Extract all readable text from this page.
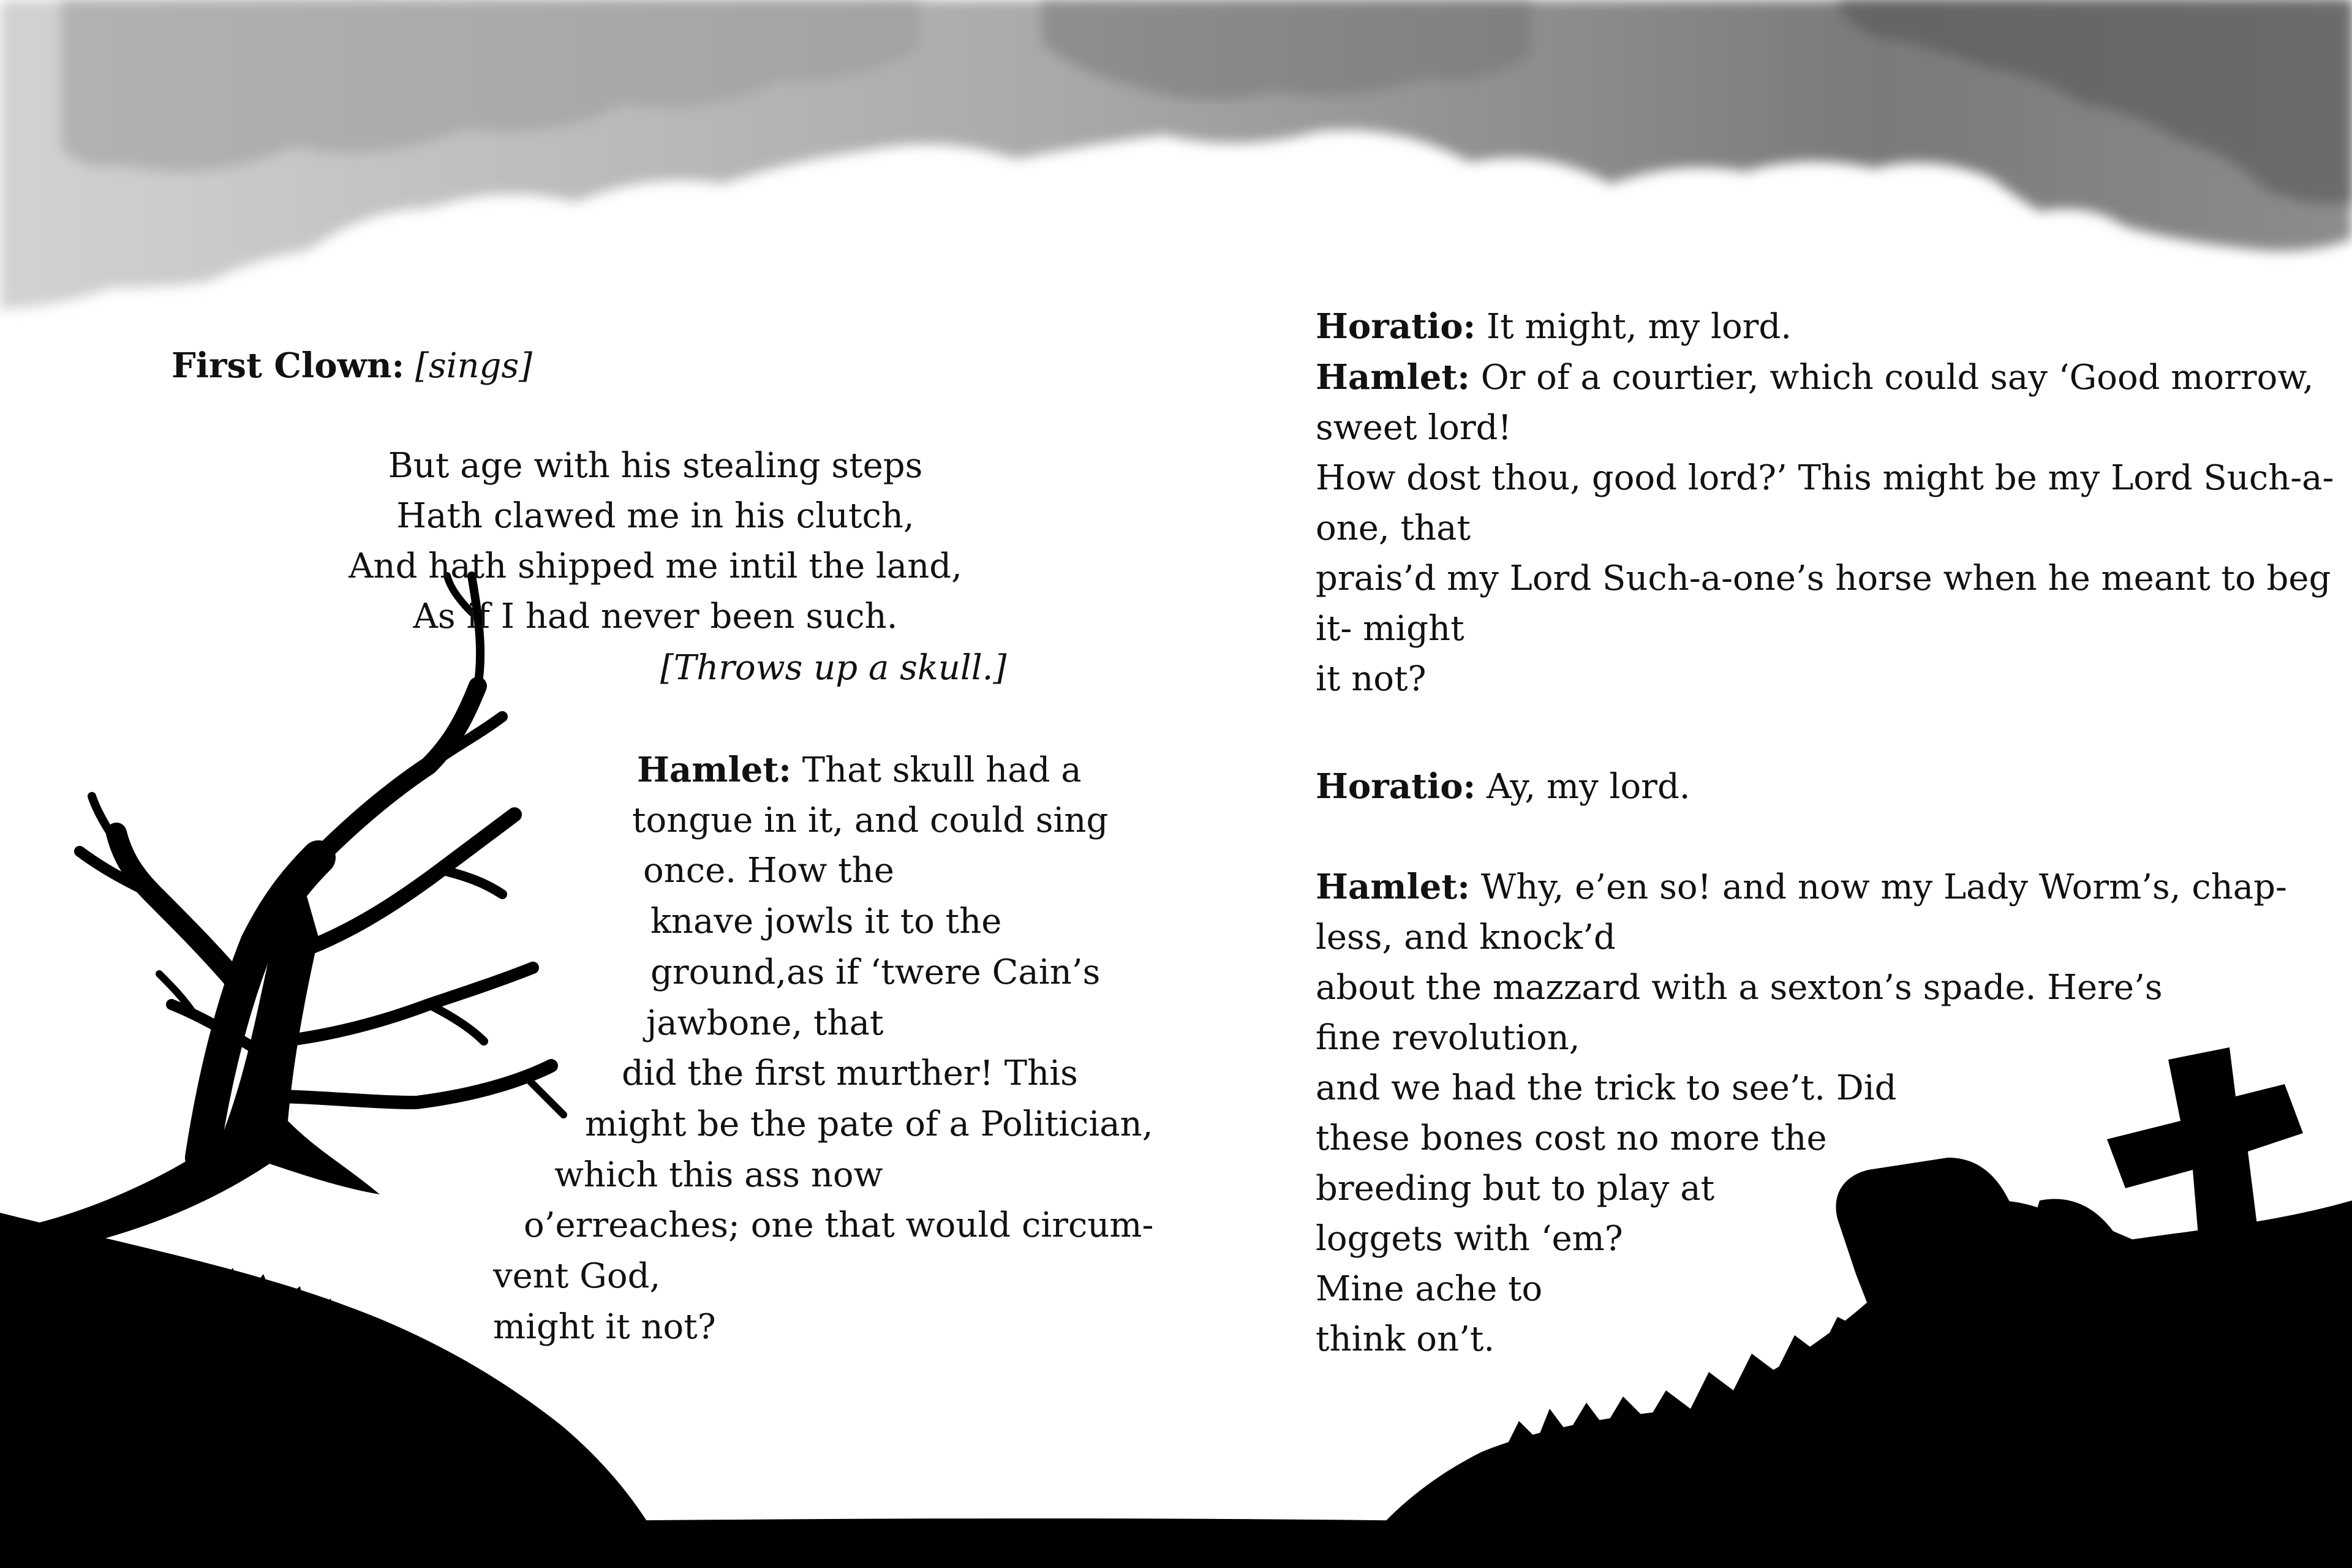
First Clown: [sings]
But age with his stealing steps
Hath clawed me in his clutch,
And hath shipped me intil the land,
As if I had never been such.
[Throws up a skull.]
Hamlet: That skull had a
tongue in it, and could sing
once. How the
knave jowls it to the
ground,as if ‘twere Cain’s
jawbone, that
did the first murther! This
might be the pate of a Politician,
which this ass now
o’erreaches; one that would circum-
vent God,
might it not?
Horatio: It might, my lord.
Hamlet: Or of a courtier, which could say ‘Good morrow,
sweet lord!
How dost thou, good lord?’ This might be my Lord Such-a-
one, that
prais’d my Lord Such-a-one’s horse when he meant to beg
it- might
it not?
Horatio: Ay, my lord.
Hamlet: Why, e’en so! and now my Lady Worm’s, chap-
less, and knock’d
about the mazzard with a sexton’s spade. Here’s
fine revolution,
and we had the trick to see’t. Did
these bones cost no more the
breeding but to play at
loggets with ‘em?
Mine ache to
think on’t.
